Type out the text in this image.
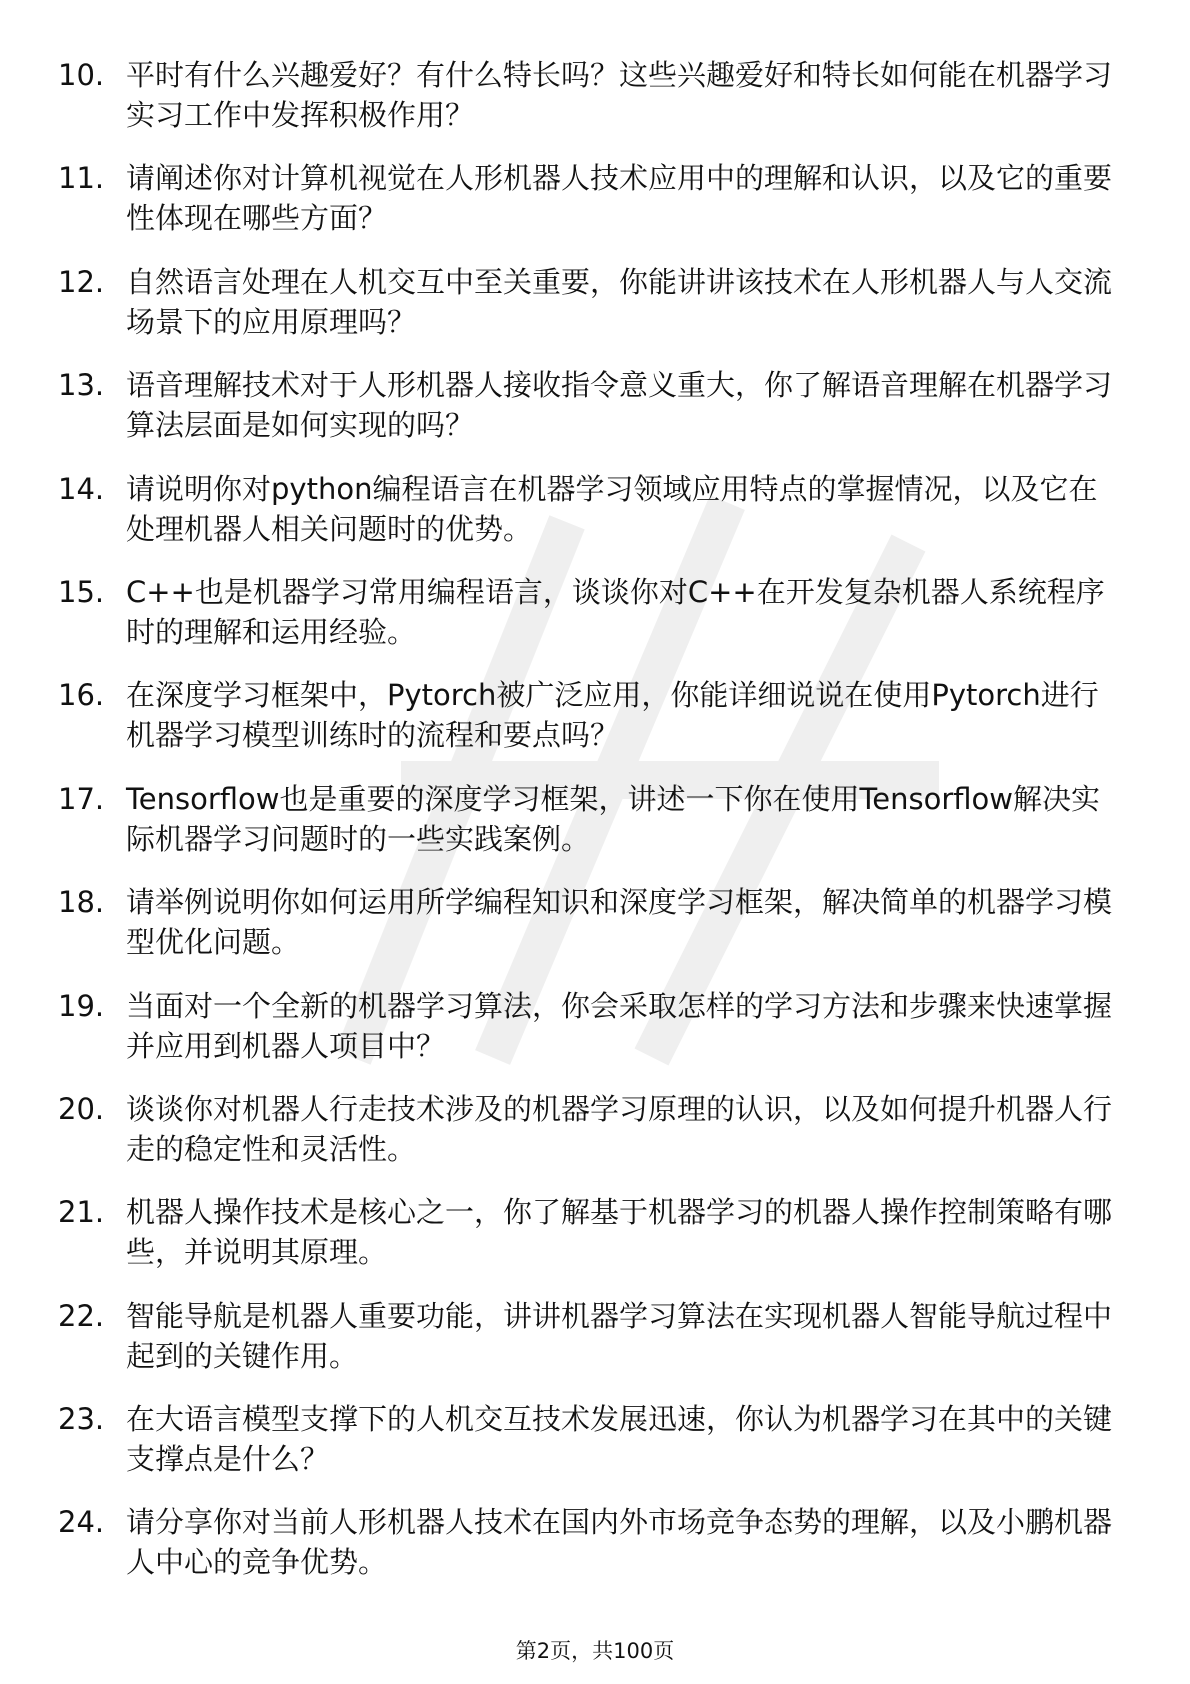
10. 平时有什么兴趣爱好？有什么特长吗？这些兴趣爱好和特长如何能在机器学习实习工作中发挥积极作用？
11. 请阐述你对计算机视觉在人形机器人技术应用中的理解和认识，以及它的重要性体现在哪些方面？
12. 自然语言处理在人机交互中至关重要，你能讲讲该技术在人形机器人与人交流场景下的应用原理吗？
13. 语音理解技术对于人形机器人接收指令意义重大，你了解语音理解在机器学习算法层面是如何实现的吗？
14. 请说明你对python编程语言在机器学习领域应用特点的掌握情况，以及它在处理机器人相关问题时的优势。
15. C++也是机器学习常用编程语言，谈谈你对C++在开发复杂机器人系统程序时的理解和运用经验。
16. 在深度学习框架中，Pytorch被广泛应用，你能详细说说在使用Pytorch进行机器学习模型训练时的流程和要点吗？
17. Tensorflow也是重要的深度学习框架，讲述一下你在使用Tensorflow解决实际机器学习问题时的一些实践案例。
18. 请举例说明你如何运用所学编程知识和深度学习框架，解决简单的机器学习模型优化问题。
19. 当面对一个全新的机器学习算法，你会采取怎样的学习方法和步骤来快速掌握并应用到机器人项目中？
20. 谈谈你对机器人行走技术涉及的机器学习原理的认识，以及如何提升机器人行走的稳定性和灵活性。
21. 机器人操作技术是核心之一，你了解基于机器学习的机器人操作控制策略有哪些，并说明其原理。
22. 智能导航是机器人重要功能，讲讲机器学习算法在实现机器人智能导航过程中起到的关键作用。
23. 在大语言模型支撑下的人机交互技术发展迅速，你认为机器学习在其中的关键支撑点是什么？
24. 请分享你对当前人形机器人技术在国内外市场竞争态势的理解，以及小鹏机器人中心的竞争优势。
第2页，共100页
